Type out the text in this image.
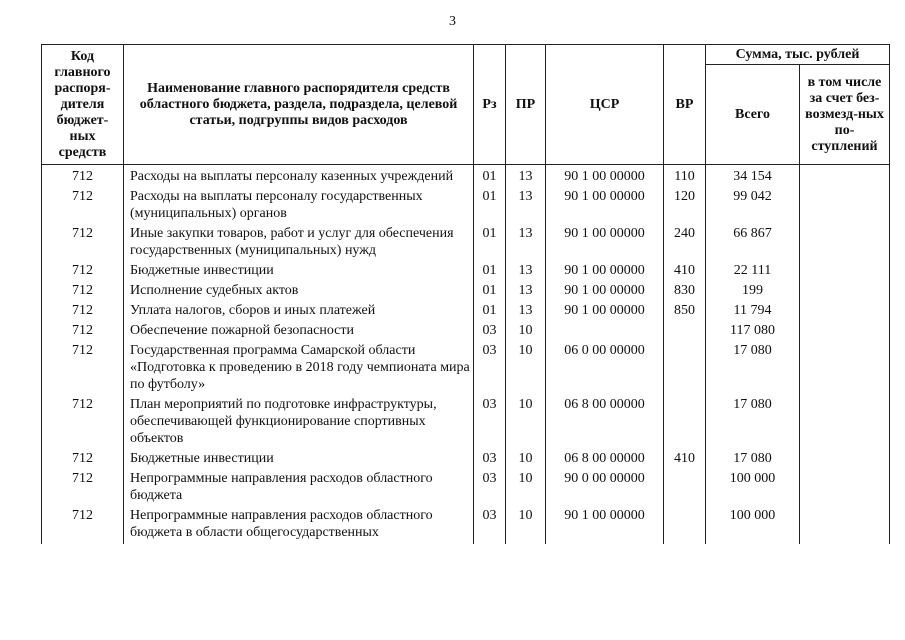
3
Код главного распоря-дителя бюджет-ных средств	Наименование главного распорядителя средств областного бюджета, раздела, подраздела, целевой статьи, подгруппы видов расходов	Рз	ПР	ЦСР	ВР	Сумма, тыс. рублей	
						Всего	в том числе за счет без-возмезд-ных по-ступлений
712	Расходы на выплаты персоналу казенных учреждений	01	13	90 1 00 00000	110	34 154	
712	Расходы на выплаты персоналу государственных (муниципальных) органов	01	13	90 1 00 00000	120	99 042	
712	Иные закупки товаров, работ и услуг для обеспечения государственных (муниципальных) нужд	01	13	90 1 00 00000	240	66 867	
712	Бюджетные инвестиции	01	13	90 1 00 00000	410	22 111	
712	Исполнение судебных актов	01	13	90 1 00 00000	830	199	
712	Уплата налогов, сборов и иных платежей	01	13	90 1 00 00000	850	11 794	
712	Обеспечение пожарной безопасности	03	10			117 080	
712	Государственная программа Самарской области «Подготовка к проведению в 2018 году чемпионата мира по футболу»	03	10	06 0 00 00000		17 080	
712	План мероприятий по подготовке инфраструктуры, обеспечивающей функционирование спортивных объектов	03	10	06 8 00 00000		17 080	
712	Бюджетные инвестиции	03	10	06 8 00 00000	410	17 080	
712	Непрограммные направления расходов областного бюджета	03	10	90 0 00 00000		100 000	
712	Непрограммные направления расходов областного бюджета в области общегосударственных	03	10	90 1 00 00000		100 000	
